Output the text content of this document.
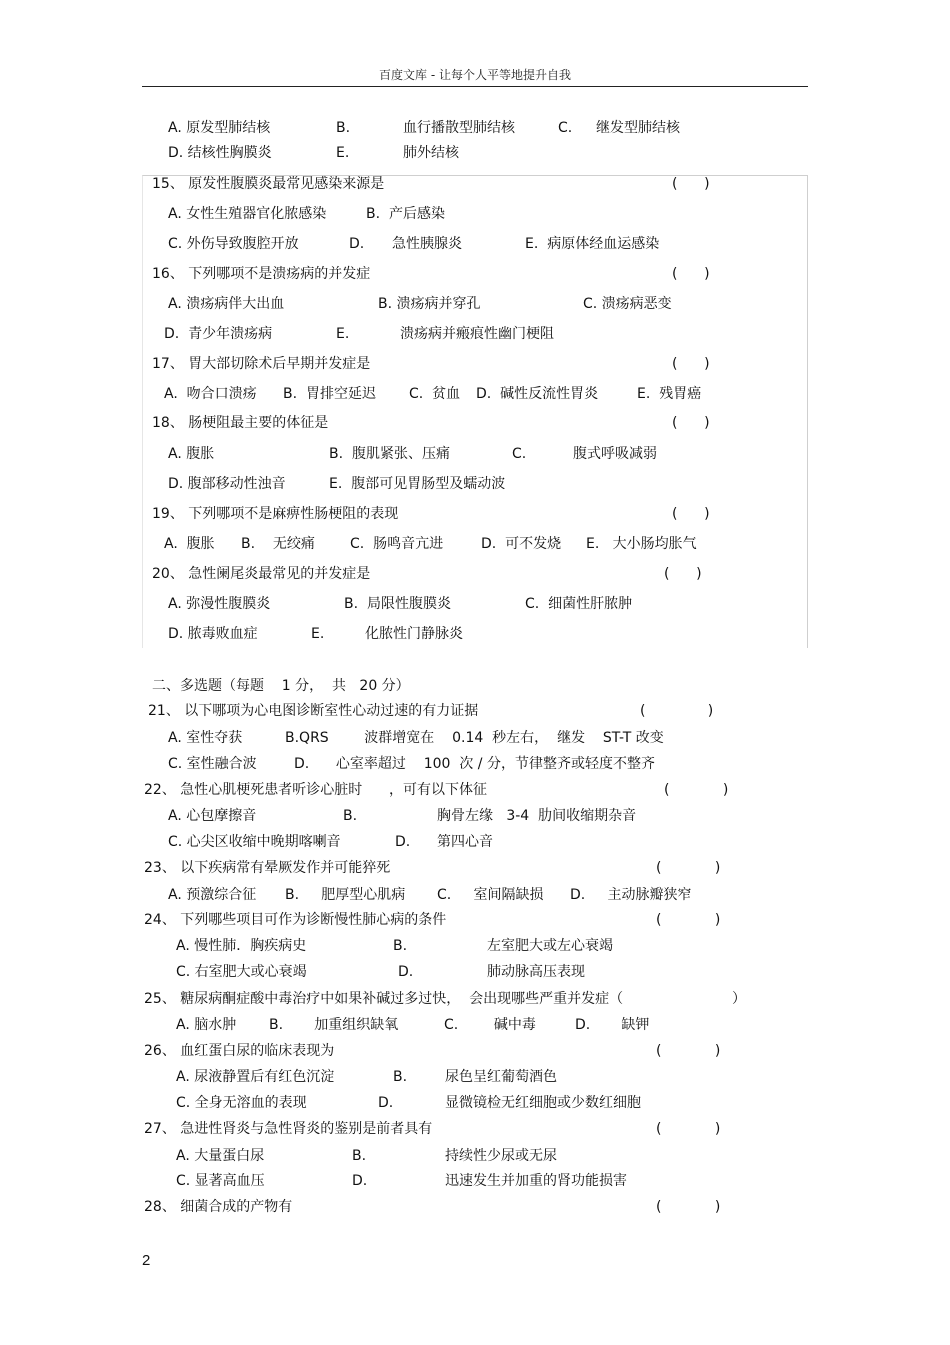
百度文库 - 让每个人平等地提升自我
A. 原发型肺结核	B.	血行播散型肺结核	C. 继发型肺结核
D. 结核性胸膜炎	E.	肺外结核
15、 原发性腹膜炎最常见感染来源是	(      )
A. 女性生殖器官化脓感染	B.  产后感染
C. 外伤导致腹腔开放	D. 急性胰腺炎	E.  病原体经血运感染
16、 下列哪项不是溃疡病的并发症	(      )
A. 溃疡病伴大出血	B. 溃疡病并穿孔	C. 溃疡病恶变
D.  青少年溃疡病	E.	溃疡病并瘢痕性幽门梗阻
17、 胃大部切除术后早期并发症是	(      )
A.  吻合口溃疡 B.  胃排空延迟 C.  贫血 D.  碱性反流性胃炎	E.  残胃癌
18、 肠梗阻最主要的体征是	(      )
A. 腹胀	B.  腹肌紧张、压痛	C.	腹式呼吸减弱
D. 腹部移动性浊音	E.  腹部可见胃肠型及蠕动波
19、 下列哪项不是麻痹性肠梗阻的表现	(      )
A.  腹胀 B.    无绞痛	C.  肠鸣音亢进	D.  可不发烧 E.   大小肠均胀气
20、 急性阑尾炎最常见的并发症是	(      )
A. 弥漫性腹膜炎	B.  局限性腹膜炎	C.  细菌性肝脓肿
D. 脓毒败血症	E.	化脓性门静脉炎
二、多选题（每题    1 分，  共   20 分）
21、 以下哪项为心电图诊断室性心动过速的有力证据	(              )
A. 室性夺获	B.QRS        波群增宽在    0.14  秒左右，  继发    ST-T 改变
C. 室性融合波	D.      心室率超过    100  次 / 分，节律整齐或轻度不整齐
22、 急性心肌梗死患者听诊心脏时      ，可有以下体征	(            )
A. 心包摩擦音	B.	胸骨左缘   3-4  肋间收缩期杂音
C. 心尖区收缩中晚期喀喇音	D. 第四心音
23、 以下疾病常有晕厥发作并可能猝死	(            )
A. 预激综合征 B.     肥厚型心肌病 C.     室间隔缺损 D.     主动脉瓣狭窄
24、 下列哪些项目可作为诊断慢性肺心病的条件	(            )
A. 慢性肺．胸疾病史	B.	左室肥大或左心衰竭
C. 右室肥大或心衰竭	D.	肺动脉高压表现
25、 糖尿病酮症酸中毒治疗中如果补碱过多过快，  会出现哪些严重并发症（	）
A. 脑水肿 B.       加重组织缺氧	C.        碱中毒	D.       缺钾
26、 血红蛋白尿的临床表现为	(            )
A. 尿液静置后有红色沉淀	B.	尿色呈红葡萄酒色
C. 全身无溶血的表现	D.	显微镜检无红细胞或少数红细胞
27、 急进性肾炎与急性肾炎的鉴别是前者具有	(            )
A. 大量蛋白尿	B.	持续性少尿或无尿
C. 显著高血压	D.	迅速发生并加重的肾功能损害
28、 细菌合成的产物有	(            )
2
